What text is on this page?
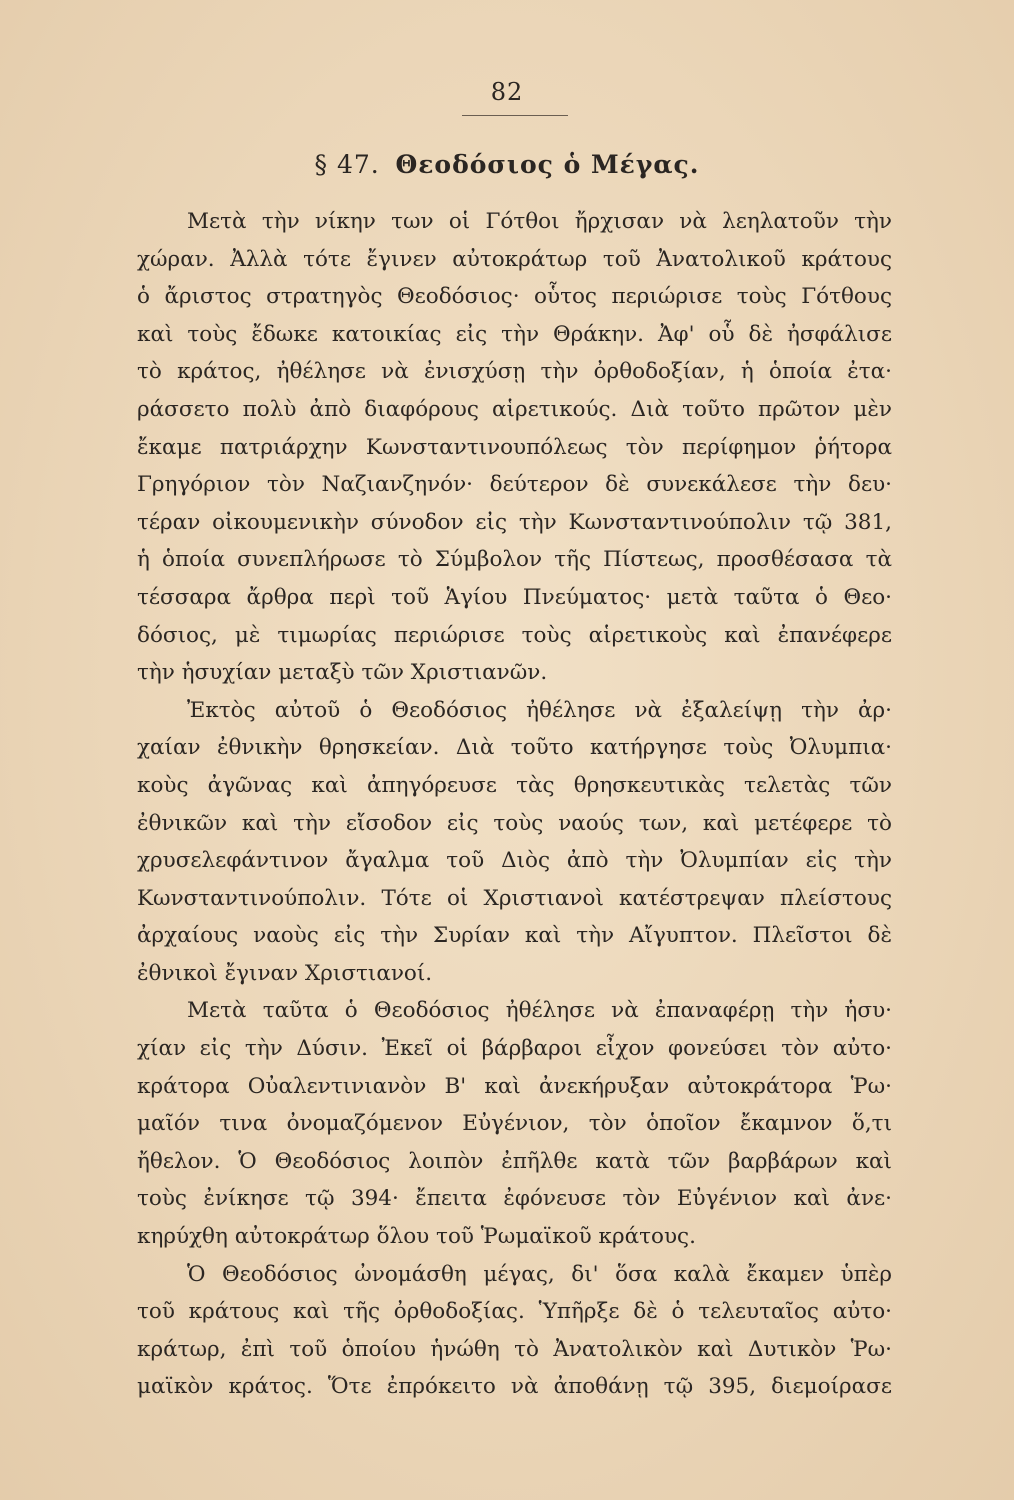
82
§ 47. Θεοδόσιος ὁ Μέγας.
Μετὰ τὴν νίκην των οἱ Γότθοι ἤρχισαν νὰ λεηλατοῦν τὴν
χώραν. Ἀλλὰ τότε ἔγινεν αὐτοκράτωρ τοῦ Ἀνατολικοῦ κράτους
ὁ ἄριστος στρατηγὸς Θεοδόσιος· οὗτος περιώρισε τοὺς Γότθους
καὶ τοὺς ἔδωκε κατοικίας εἰς τὴν Θράκην. Ἀφ' οὗ δὲ ἠσφάλισε
τὸ κράτος, ἠθέλησε νὰ ἐνισχύσῃ τὴν ὀρθοδοξίαν, ἡ ὁποία ἐτα·
ράσσετο πολὺ ἀπὸ διαφόρους αἱρετικούς. Διὰ τοῦτο πρῶτον μὲν
ἔκαμε πατριάρχην Κωνσταντινουπόλεως τὸν περίφημον ῥήτορα
Γρηγόριον τὸν Ναζιανζηνόν· δεύτερον δὲ συνεκάλεσε τὴν δευ·
τέραν οἰκουμενικὴν σύνοδον εἰς τὴν Κωνσταντινούπολιν τῷ 381,
ἡ ὁποία συνεπλήρωσε τὸ Σύμβολον τῆς Πίστεως, προσθέσασα τὰ
τέσσαρα ἄρθρα περὶ τοῦ Ἁγίου Πνεύματος· μετὰ ταῦτα ὁ Θεο·
δόσιος, μὲ τιμωρίας περιώρισε τοὺς αἱρετικοὺς καὶ ἐπανέφερε
τὴν ἡσυχίαν μεταξὺ τῶν Χριστιανῶν.
Ἐκτὸς αὐτοῦ ὁ Θεοδόσιος ἠθέλησε νὰ ἐξαλείψῃ τὴν ἀρ·
χαίαν ἐθνικὴν θρησκείαν. Διὰ τοῦτο κατήργησε τοὺς Ὀλυμπια·
κοὺς ἀγῶνας καὶ ἀπηγόρευσε τὰς θρησκευτικὰς τελετὰς τῶν
ἐθνικῶν καὶ τὴν εἴσοδον εἰς τοὺς ναούς των, καὶ μετέφερε τὸ
χρυσελεφάντινον ἄγαλμα τοῦ Διὸς ἀπὸ τὴν Ὀλυμπίαν εἰς τὴν
Κωνσταντινούπολιν. Τότε οἱ Χριστιανοὶ κατέστρεψαν πλείστους
ἀρχαίους ναοὺς εἰς τὴν Συρίαν καὶ τὴν Αἴγυπτον. Πλεῖστοι δὲ
ἐθνικοὶ ἔγιναν Χριστιανοί.
Μετὰ ταῦτα ὁ Θεοδόσιος ἠθέλησε νὰ ἐπαναφέρῃ τὴν ἡσυ·
χίαν εἰς τὴν Δύσιν. Ἐκεῖ οἱ βάρβαροι εἶχον φονεύσει τὸν αὐτο·
κράτορα Οὐαλεντινιανὸν Β' καὶ ἀνεκήρυξαν αὐτοκράτορα Ῥω·
μαῖόν τινα ὀνομαζόμενον Εὐγένιον, τὸν ὁποῖον ἔκαμνον ὅ,τι
ἤθελον. Ὁ Θεοδόσιος λοιπὸν ἐπῆλθε κατὰ τῶν βαρβάρων καὶ
τοὺς ἐνίκησε τῷ 394· ἔπειτα ἐφόνευσε τὸν Εὐγένιον καὶ ἀνε·
κηρύχθη αὐτοκράτωρ ὅλου τοῦ Ῥωμαϊκοῦ κράτους.
Ὁ Θεοδόσιος ὠνομάσθη μέγας, δι' ὅσα καλὰ ἔκαμεν ὑπὲρ
τοῦ κράτους καὶ τῆς ὀρθοδοξίας. Ὑπῆρξε δὲ ὁ τελευταῖος αὐτο·
κράτωρ, ἐπὶ τοῦ ὁποίου ἡνώθη τὸ Ἀνατολικὸν καὶ Δυτικὸν Ῥω·
μαϊκὸν κράτος. Ὅτε ἐπρόκειτο νὰ ἀποθάνῃ τῷ 395, διεμοίρασε
